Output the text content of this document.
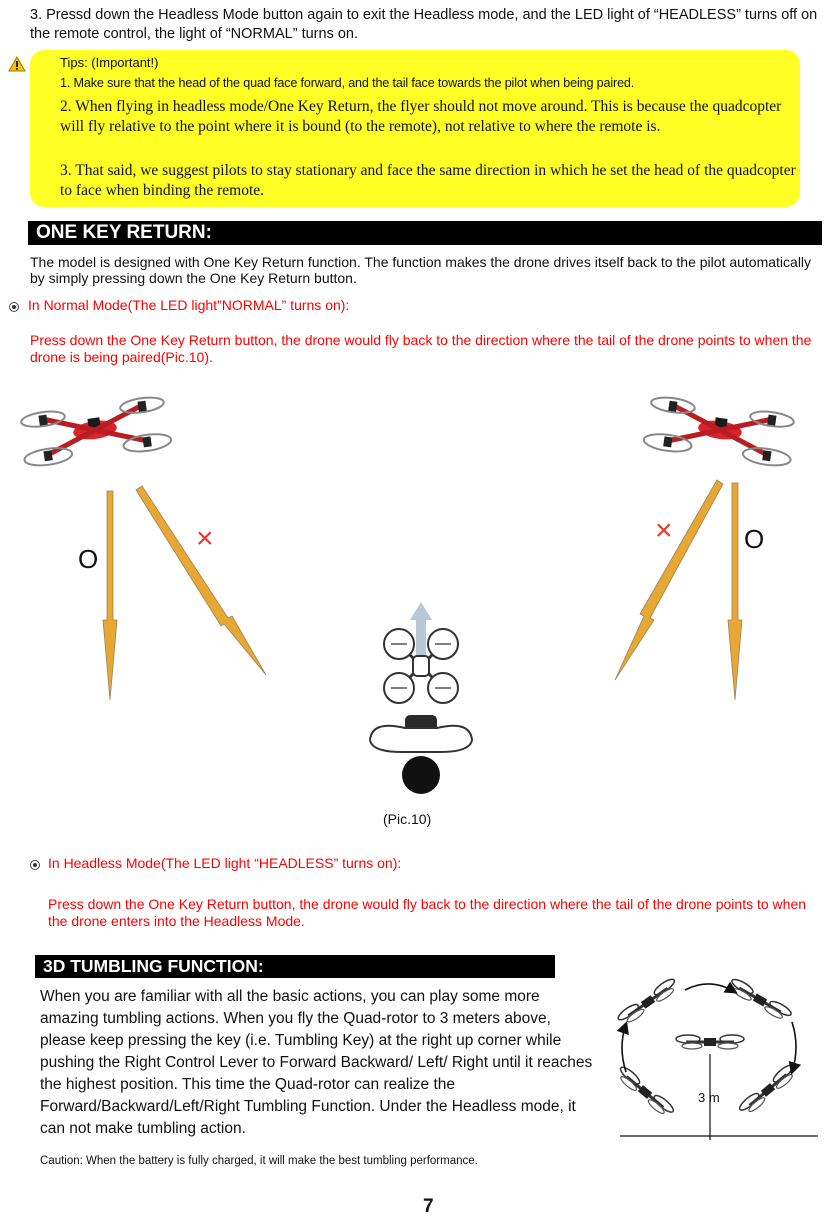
3. Pressd down the Headless Mode button again to exit the Headless mode, and the LED light of “HEADLESS” turns off on the remote control, the light of “NORMAL” turns on.
Tips: (Important!)
1. Make sure that the head of the quad face forward, and the tail face towards the pilot when being paired.
2. When flying in headless mode/One Key Return, the flyer should not move around. This is because the quadcopter will fly relative to the point where it is bound (to the remote), not relative to where the remote is.
3. That said, we suggest pilots to stay stationary and face the same direction in which he set the head of the quadcopter to face when binding the remote.
ONE KEY RETURN:
The model is designed with One Key Return function. The function makes the drone drives itself back to the pilot automatically by simply pressing down the One Key Return button.
In Normal Mode(The LED light”NORMAL” turns on):
Press down the One Key Return button, the drone would fly back to the direction where the tail of the drone points to when the drone is being paired(Pic.10).
O
×	×	O
(Pic.10)
In Headless Mode(The LED light “HEADLESS” turns on):
Press down the One Key Return button, the drone would fly back to the direction where the tail of the drone points to when the drone enters into the Headless Mode.
3D TUMBLING FUNCTION:
When you are familiar with all the basic actions, you can play some more amazing tumbling actions. When you fly the Quad-rotor to 3 meters above, please keep pressing the key (i.e. Tumbling Key) at the right up corner while pushing the Right Control Lever to Forward Backward/ Left/ Right until it reaches the highest position. This time the Quad-rotor can realize the Forward/Backward/Left/Right Tumbling Function. Under the Headless mode, it can not make tumbling action.
3 m
Caution: When the battery is fully charged, it will make the best tumbling performance.
7
